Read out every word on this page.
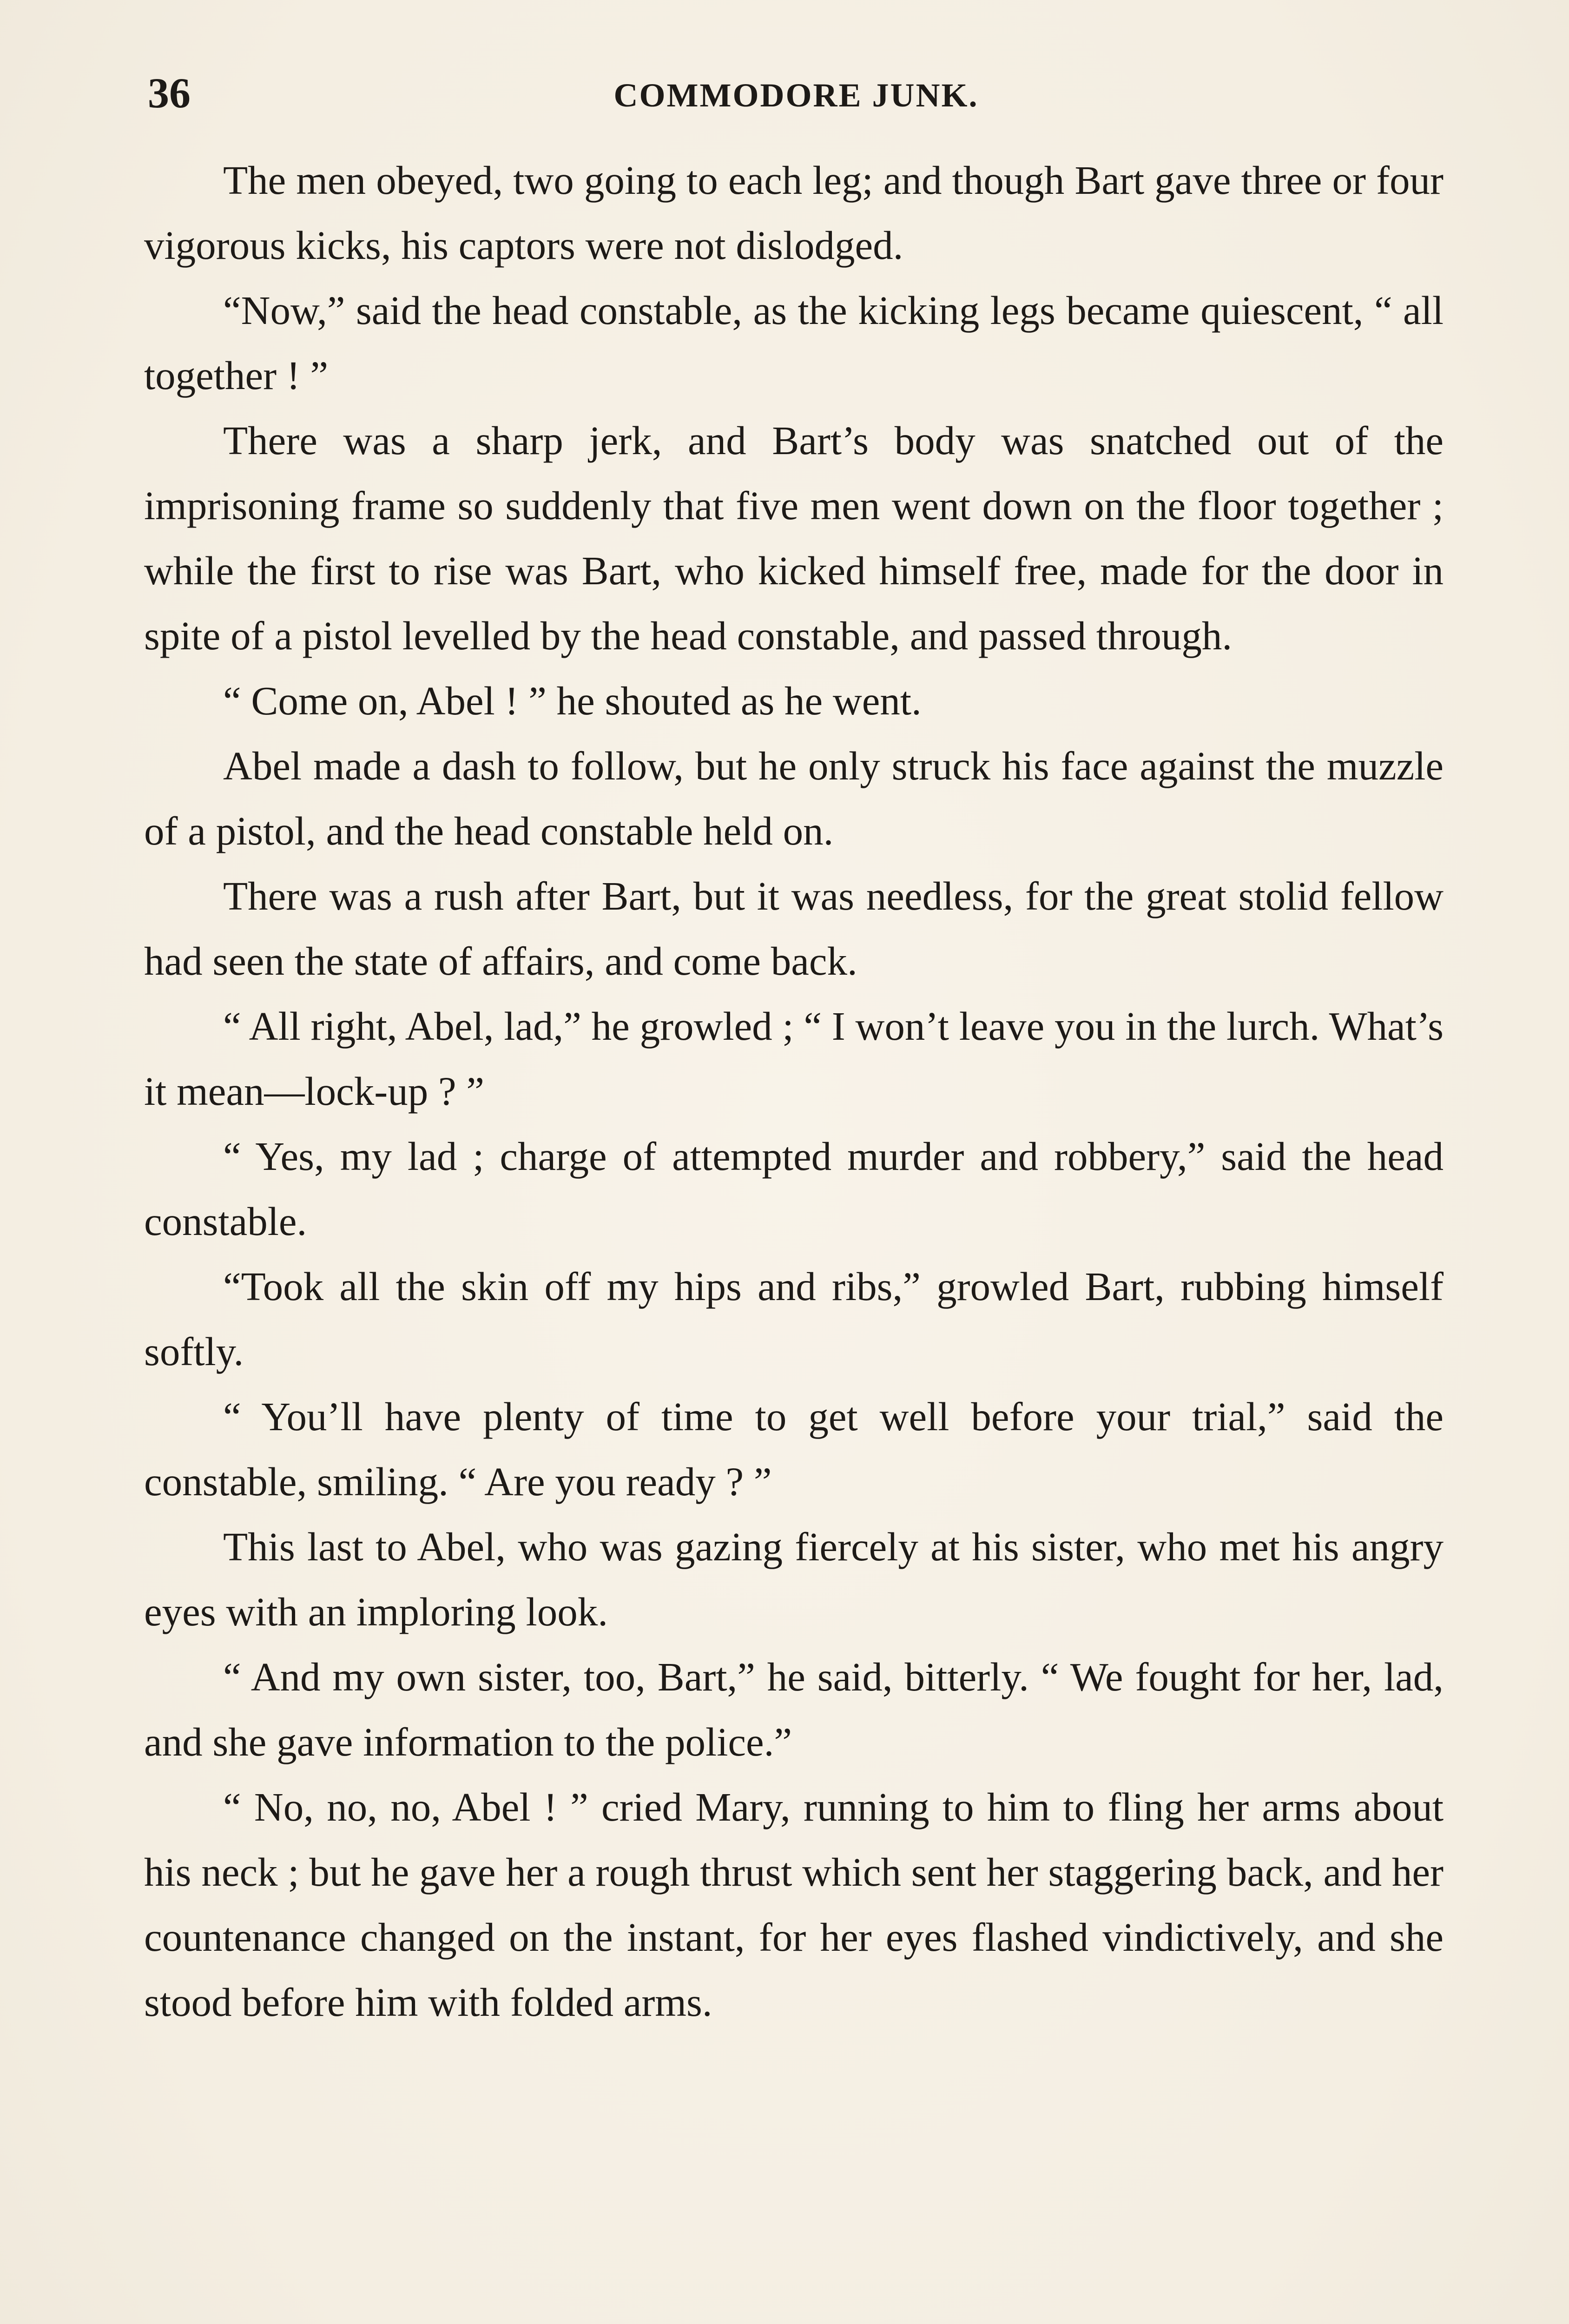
36	COMMODORE JUNK.

The men obeyed, two going to each leg; and though Bart gave three or four vigorous kicks, his captors were not dislodged.

“Now,” said the head constable, as the kicking legs became quiescent, “ all together ! ”

There was a sharp jerk, and Bart’s body was snatched out of the imprisoning frame so suddenly that five men went down on the floor together ; while the first to rise was Bart, who kicked himself free, made for the door in spite of a pistol levelled by the head constable, and passed through.

“ Come on, Abel ! ” he shouted as he went.

Abel made a dash to follow, but he only struck his face against the muzzle of a pistol, and the head constable held on.

There was a rush after Bart, but it was needless, for the great stolid fellow had seen the state of affairs, and come back.

“ All right, Abel, lad,” he growled ; “ I won’t leave you in the lurch. What’s it mean—lock-up ? ”

“ Yes, my lad ; charge of attempted murder and robbery,” said the head constable.

“Took all the skin off my hips and ribs,” growled Bart, rubbing himself softly.

“ You’ll have plenty of time to get well before your trial,” said the constable, smiling. “ Are you ready ? ”

This last to Abel, who was gazing fiercely at his sister, who met his angry eyes with an imploring look.

“ And my own sister, too, Bart,” he said, bitterly. “ We fought for her, lad, and she gave information to the police.”

“ No, no, no, Abel ! ” cried Mary, running to him to fling her arms about his neck ; but he gave her a rough thrust which sent her staggering back, and her countenance changed on the instant, for her eyes flashed vindictively, and she stood before him with folded arms.
